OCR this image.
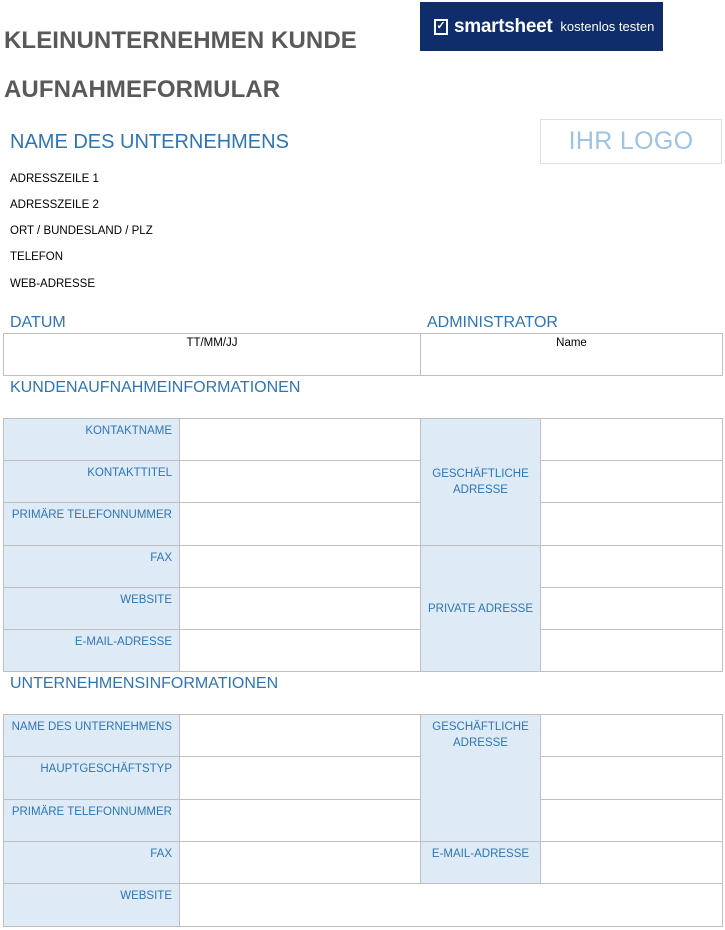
KLEINUNTERNEHMEN KUNDE
AUFNAHMEFORMULAR
✓ smartsheet kostenlos testen
IHR LOGO
NAME DES UNTERNEHMENS
ADRESSZEILE 1
ADRESSZEILE 2
ORT / BUNDESLAND / PLZ
TELEFON
WEB-ADRESSE
DATUM	ADMINISTRATOR
TT/MM/JJ	Name
KUNDENAUFNAHMEINFORMATIONEN
KONTAKTNAME
KONTAKTTITEL
PRIMÄRE TELEFONNUMMER
FAX
WEBSITE
E-MAIL-ADRESSE
GESCHÄFTLICHE ADRESSE
PRIVATE ADRESSE
UNTERNEHMENSINFORMATIONEN
NAME DES UNTERNEHMENS
HAUPTGESCHÄFTSTYP
PRIMÄRE TELEFONNUMMER
FAX
WEBSITE
GESCHÄFTLICHE ADRESSE
E-MAIL-ADRESSE
